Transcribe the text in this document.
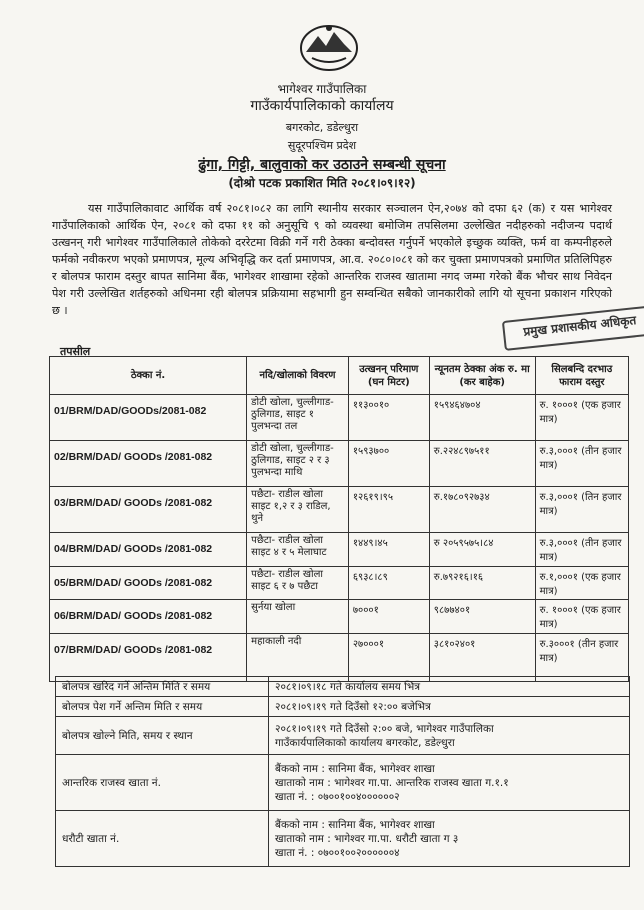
भागेश्वर गाउँपालिका
गाउँकार्यपालिकाको कार्यालय
बगरकोट, डडेल्धुरा
सुदूरपश्चिम प्रदेश
ढुंगा, गिट्टी, बालुवाको कर उठाउने सम्बन्धी सूचना
(दोश्रो पटक प्रकाशित मिति २०८१।०९।१२)
यस गाउँपालिकावाट आर्थिक वर्ष २०८१।०८२ का लागि स्थानीय सरकार सञ्चालन ऐन,२०७४ को दफा ६२ (क) र यस भागेश्वर गाउँपालिकाको आर्थिक ऐन, २०८१ को दफा ११ को अनुसूचि ९ को व्यवस्था बमोजिम तपसिलमा उल्लेखित नदीहरुको नदीजन्य पदार्थ उत्खनन् गरी भागेश्वर गाउँपालिकाले तोकेको दररेटमा विक्री गर्ने गरी ठेक्का बन्दोवस्त गर्नुपर्ने भएकोले इच्छुक व्यक्ति, फर्म वा कम्पनीहरुले फर्मको नवीकरण भएको प्रमाणपत्र, मूल्य अभिवृद्धि कर दर्ता प्रमाणपत्र, आ.व. २०८०।०८१ को कर चुक्ता प्रमाणपत्रको प्रमाणित प्रतिलिपिहरु र बोलपत्र फाराम दस्तुर बापत सानिमा बैंक, भागेश्वर शाखामा रहेको आन्तरिक राजस्व खातामा नगद जम्मा गरेको बैंक भौचर साथ निवेदन पेश गरी उल्लेखित शर्तहरुको अधिनमा रही बोलपत्र प्रक्रियामा सहभागी हुन सम्वन्धित सबैको जानकारीको लागि यो सूचना प्रकाशन गरिएको छ ।
प्रमुख प्रशासकीय अधिकृत
तपसील
ठेक्का नं.	नदि/खोलाको विवरण	उत्खनन् परिमाण (घन मिटर)	न्यूनतम ठेक्का अंक रु. मा (कर बाहेक)	सिलबन्दि दरभाउ फाराम दस्तुर
01/BRM/DAD/GOODs/2081-082	डोटी खोला, चुल्लीगाड- ठुलिगाड, साइट १ पुलभन्दा तल	११३००१०	१५९४६४७०४	रु. १०००१ (एक हजार मात्र)
02/BRM/DAD/ GOODs /2081-082	डोटी खोला, चुल्लीगाड- ठुलिगाड, साइट २ र ३ पुलभन्दा माथि	१५९३७००	रु.२२४८९७५११	रु.३,०००१ (तीन हजार मात्र)
03/BRM/DAD/ GOODs /2081-082	पछैटा- राडील खोला साइट १,२ र ३ राडिल, थुने	१२६१९।९५	रु.१७८०९२७३४	रु.३,०००१ (तिन हजार मात्र)
04/BRM/DAD/ GOODs /2081-082	पछैटा- राडील खोला साइट ४ र ५ मेलाघाट	१४४९।४५	रु २०५९५७५।८४	रु.३,०००१ (तीन हजार मात्र)
05/BRM/DAD/ GOODs /2081-082	पछैटा- राडील खोला साइट ६ र ७ पछैटा	६९३८।८९	रु.७९२१६।१६	रु.१,०००१ (एक हजार मात्र)
06/BRM/DAD/ GOODs /2081-082	सुर्नया खोला	७०००१	९८७७४०१	रु. १०००१ (एक हजार मात्र)
07/BRM/DAD/ GOODs /2081-082	महाकाली नदी	२७०००१	३८१०२४०१	रु.३०००१ (तीन हजार मात्र)
बोलपत्र खरिद गर्ने अन्तिम मिति र समय	२०८१।०९।१८ गते कार्यालय समय भित्र

बोलपत्र पेश गर्ने अन्तिम मिति र समय	२०८१।०९।१९ गते दिउँसो १२:०० बजेभित्र

बोलपत्र खोल्ने मिति, समय र स्थान	२०८१।०९।१९ गते दिउँसो २:०० बजे, भागेश्वर गाउँपालिका
गाउँकार्यपालिकाको कार्यालय बगरकोट, डडेल्धुरा

आन्तरिक राजस्व खाता नं.	बैंकको नाम : सानिमा बैंक, भागेश्वर शाखा
खाताको नाम : भागेश्वर गा.पा. आन्तरिक राजस्व खाता ग.१.१
खाता नं. : ०७००१००४००००००२

धरौटी खाता नं.	बैंकको नाम : सानिमा बैंक, भागेश्वर शाखा
खाताको नाम : भागेश्वर गा.पा. धरौटी खाता ग ३
खाता नं. : ०७००१००२००००००४
